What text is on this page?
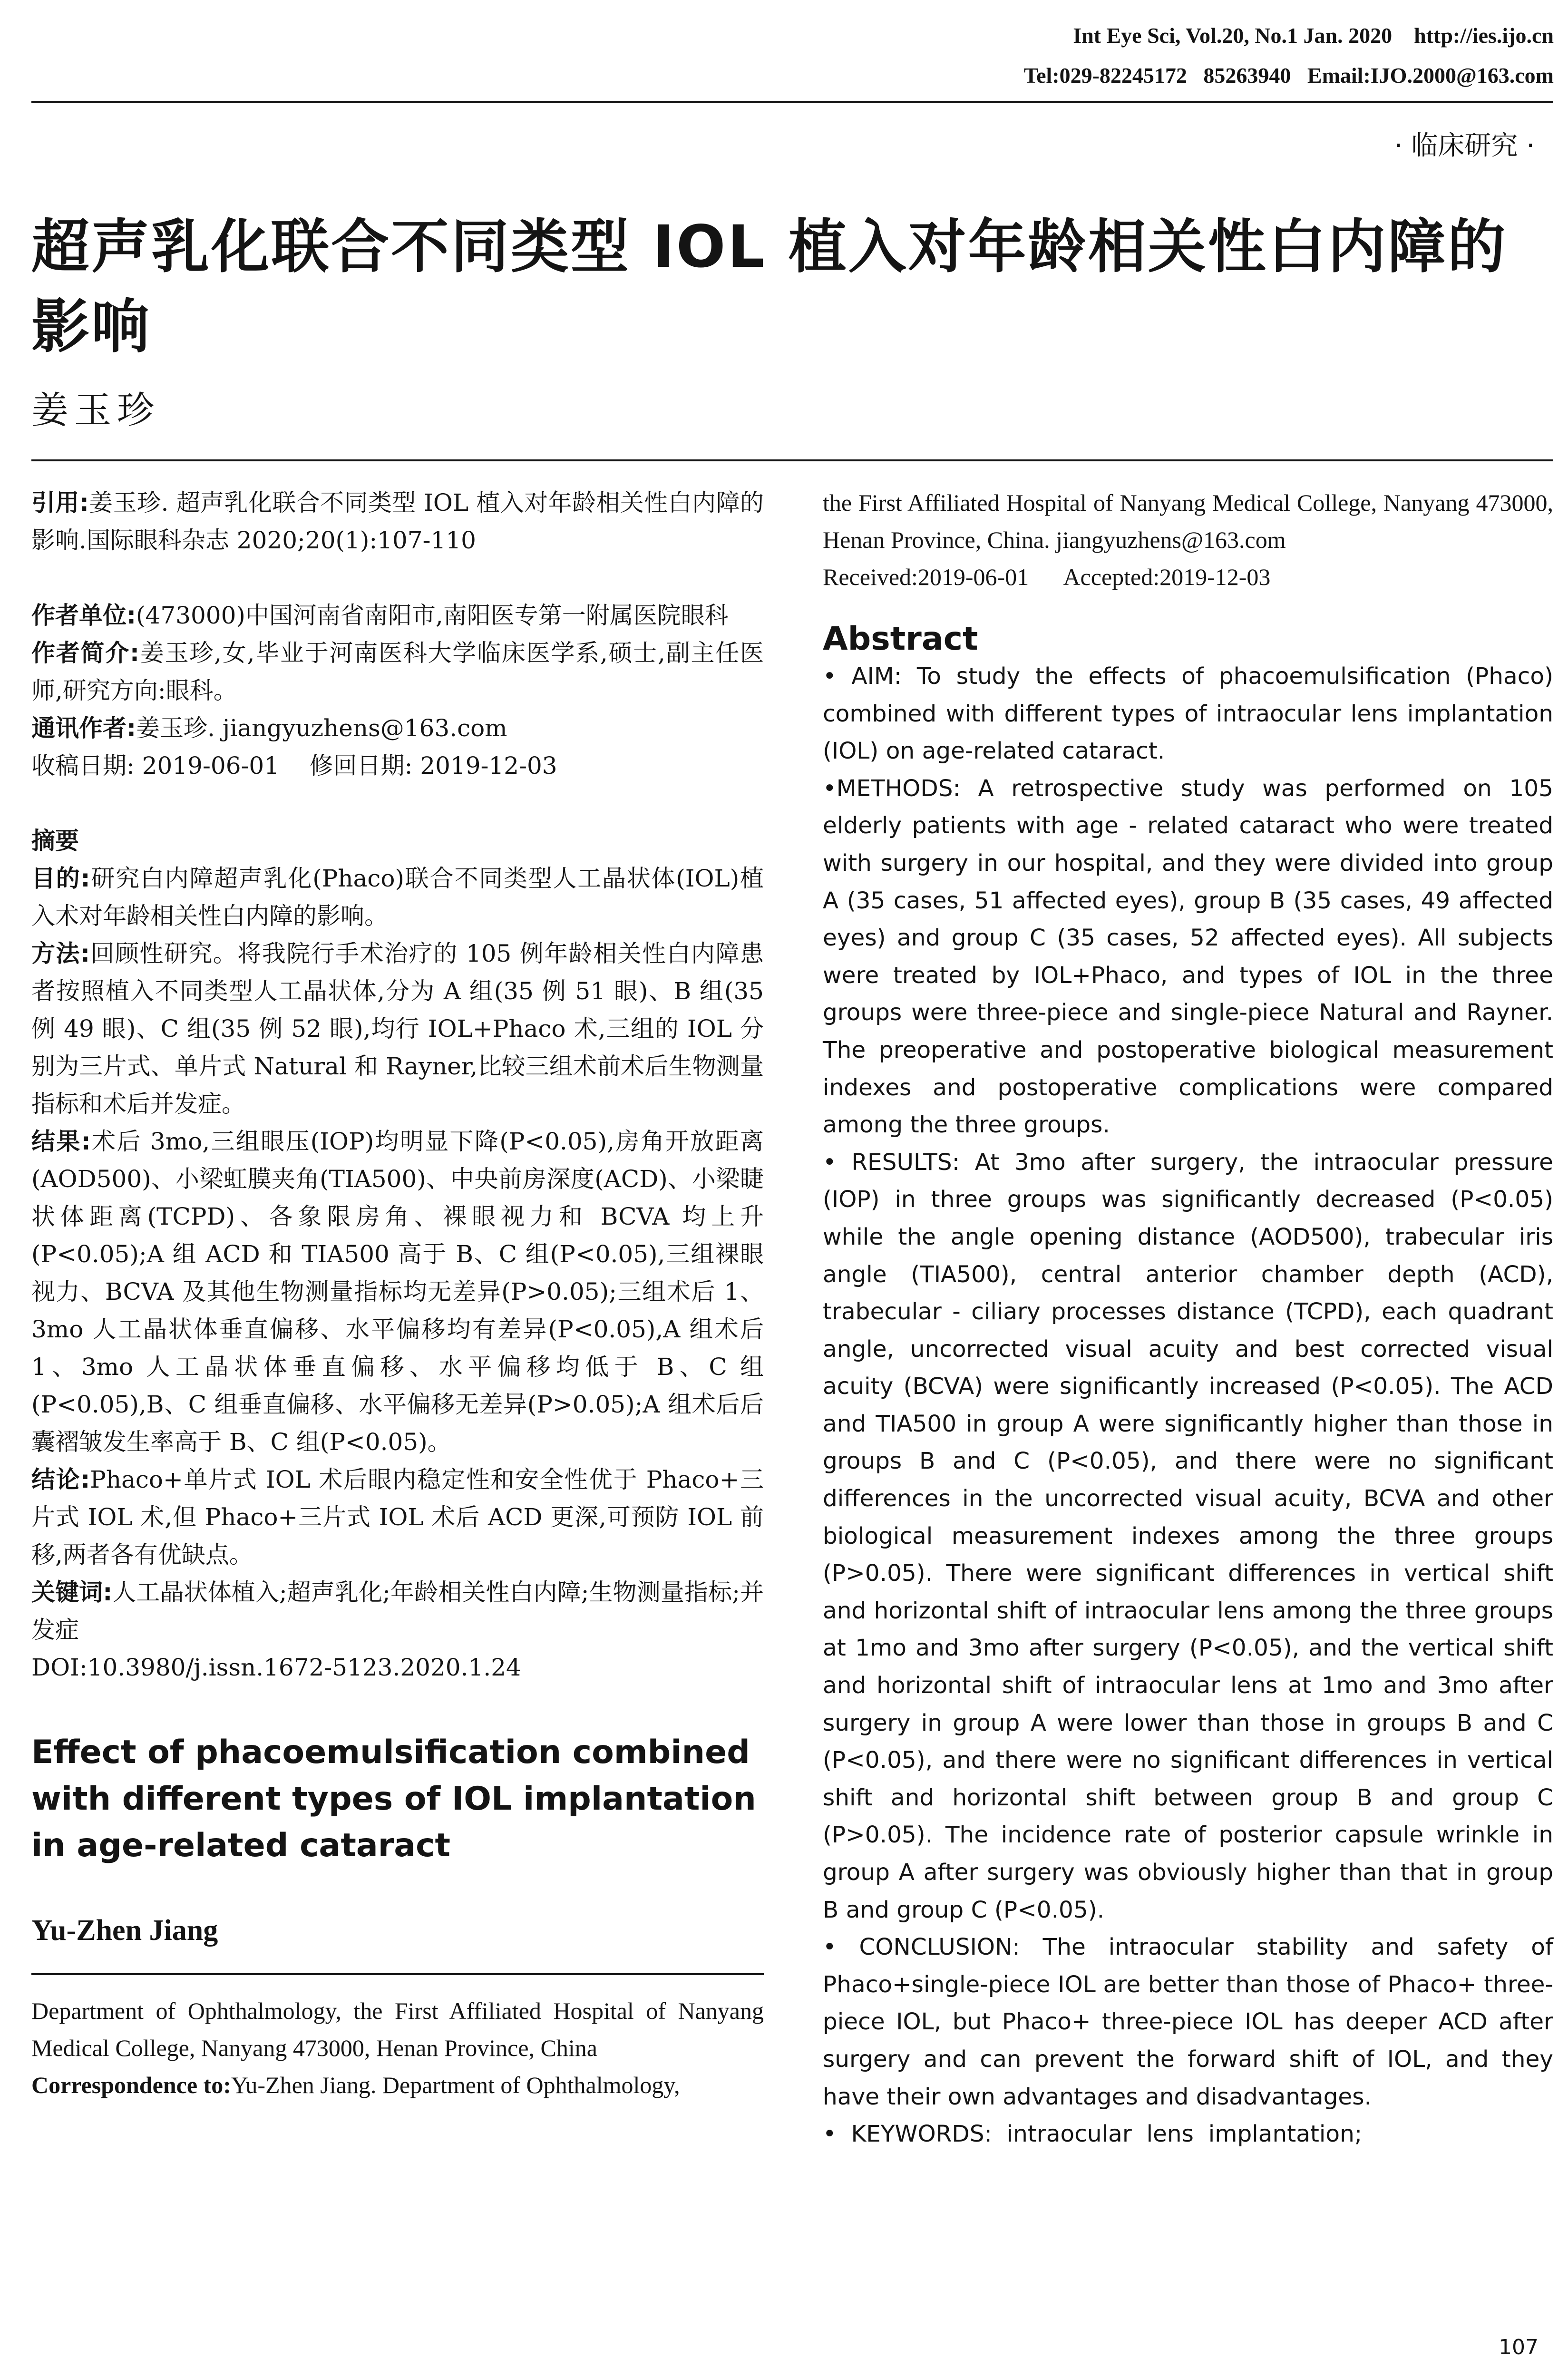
Int Eye Sci, Vol.20, No.1 Jan. 2020    http://ies.ijo.cn
Tel:029-82245172   85263940   Email:IJO.2000@163.com
· 临床研究 ·
超声乳化联合不同类型 IOL 植入对年龄相关性白内障的影响
姜玉珍

引用:姜玉珍. 超声乳化联合不同类型 IOL 植入对年龄相关性白内障的影响.国际眼科杂志 2020;20(1):107-110

作者单位:(473000)中国河南省南阳市,南阳医专第一附属医院眼科

作者简介:姜玉珍,女,毕业于河南医科大学临床医学系,硕士,副主任医师,研究方向:眼科。

通讯作者:姜玉珍. jiangyuzhens@163.com

收稿日期: 2019-06-01    修回日期: 2019-12-03

摘要

目的:研究白内障超声乳化(Phaco)联合不同类型人工晶状体(IOL)植入术对年龄相关性白内障的影响。

方法:回顾性研究。将我院行手术治疗的 105 例年龄相关性白内障患者按照植入不同类型人工晶状体,分为 A 组(35 例 51 眼)、B 组(35 例 49 眼)、C 组(35 例 52 眼),均行 IOL+Phaco 术,三组的 IOL 分别为三片式、单片式 Natural 和 Rayner,比较三组术前术后生物测量指标和术后并发症。

结果:术后 3mo,三组眼压(IOP)均明显下降(P<0.05),房角开放距离(AOD500)、小梁虹膜夹角(TIA500)、中央前房深度(ACD)、小梁睫状体距离(TCPD)、各象限房角、裸眼视力和 BCVA 均上升(P<0.05);A 组 ACD 和 TIA500 高于 B、C 组(P<0.05),三组裸眼视力、BCVA 及其他生物测量指标均无差异(P>0.05);三组术后 1、3mo 人工晶状体垂直偏移、水平偏移均有差异(P<0.05),A 组术后 1、3mo 人工晶状体垂直偏移、水平偏移均低于 B、C 组(P<0.05),B、C 组垂直偏移、水平偏移无差异(P>0.05);A 组术后后囊褶皱发生率高于 B、C 组(P<0.05)。

结论:Phaco+单片式 IOL 术后眼内稳定性和安全性优于 Phaco+三片式 IOL 术,但 Phaco+三片式 IOL 术后 ACD 更深,可预防 IOL 前移,两者各有优缺点。

关键词:人工晶状体植入;超声乳化;年龄相关性白内障;生物测量指标;并发症

DOI:10.3980/j.issn.1672-5123.2020.1.24

Effect of phacoemulsification combined with different types of IOL implantation in age-related cataract

Yu-Zhen Jiang

Department of Ophthalmology, the First Affiliated Hospital of Nanyang Medical College, Nanyang 473000, Henan Province, China

Correspondence to:Yu-Zhen Jiang. Department of Ophthalmology,

the First Affiliated Hospital of Nanyang Medical College, Nanyang 473000, Henan Province, China. jiangyuzhens@163.com

Received:2019-06-01      Accepted:2019-12-03

Abstract

• AIM: To study the effects of phacoemulsification (Phaco) combined with different types of intraocular lens implantation (IOL) on age-related cataract.

•METHODS: A retrospective study was performed on 105 elderly patients with age - related cataract who were treated with surgery in our hospital, and they were divided into group A (35 cases, 51 affected eyes), group B (35 cases, 49 affected eyes) and group C (35 cases, 52 affected eyes). All subjects were treated by IOL+Phaco, and types of IOL in the three groups were three-piece and single-piece Natural and Rayner. The preoperative and postoperative biological measurement indexes and postoperative complications were compared among the three groups.

• RESULTS: At 3mo after surgery, the intraocular pressure (IOP) in three groups was significantly decreased (P<0.05) while the angle opening distance (AOD500), trabecular iris angle (TIA500), central anterior chamber depth (ACD), trabecular - ciliary processes distance (TCPD), each quadrant angle, uncorrected visual acuity and best corrected visual acuity (BCVA) were significantly increased (P<0.05). The ACD and TIA500 in group A were significantly higher than those in groups B and C (P<0.05), and there were no significant differences in the uncorrected visual acuity, BCVA and other biological measurement indexes among the three groups (P>0.05). There were significant differences in vertical shift and horizontal shift of intraocular lens among the three groups at 1mo and 3mo after surgery (P<0.05), and the vertical shift and horizontal shift of intraocular lens at 1mo and 3mo after surgery in group A were lower than those in groups B and C (P<0.05), and there were no significant differences in vertical shift and horizontal shift between group B and group C (P>0.05). The incidence rate of posterior capsule wrinkle in group A after surgery was obviously higher than that in group B and group C (P<0.05).

• CONCLUSION: The intraocular stability and safety of Phaco+single-piece IOL are better than those of Phaco+ three-piece IOL, but Phaco+ three-piece IOL has deeper ACD after surgery and can prevent the forward shift of IOL, and they have their own advantages and disadvantages.

•  KEYWORDS:  intraocular  lens  implantation;

107
